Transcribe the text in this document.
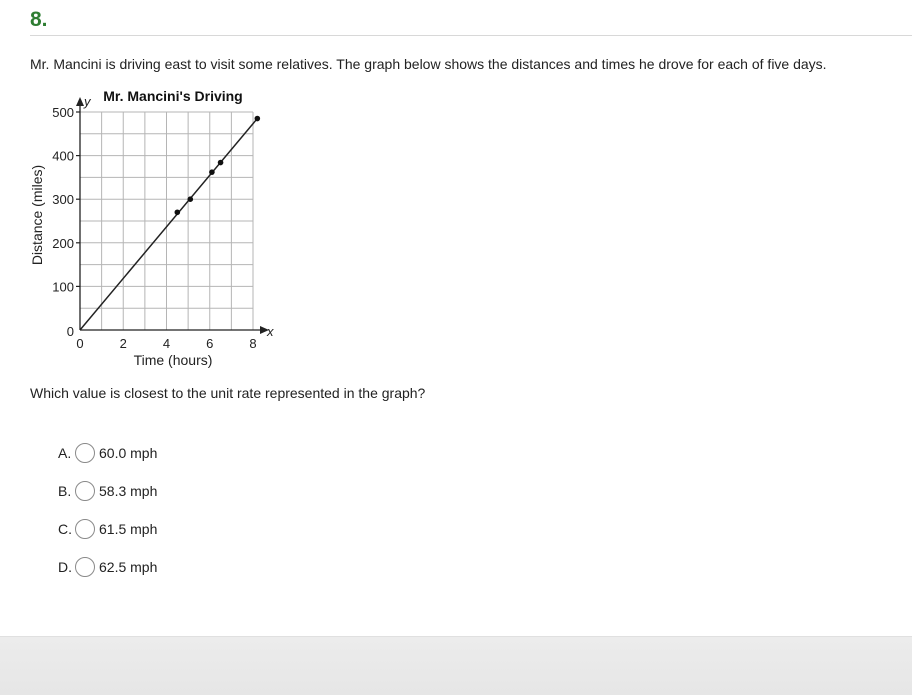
8.
Mr. Mancini is driving east to visit some relatives. The graph below shows the distances and times he drove for each of five days.
100
200
300
400
500
0
0	2	4	6	8
y
x
Mr. Mancini's Driving
Time (hours)
Distance (miles)
Which value is closest to the unit rate represented in the graph?
A. 60.0 mph
B. 58.3 mph
C. 61.5 mph
D. 62.5 mph
